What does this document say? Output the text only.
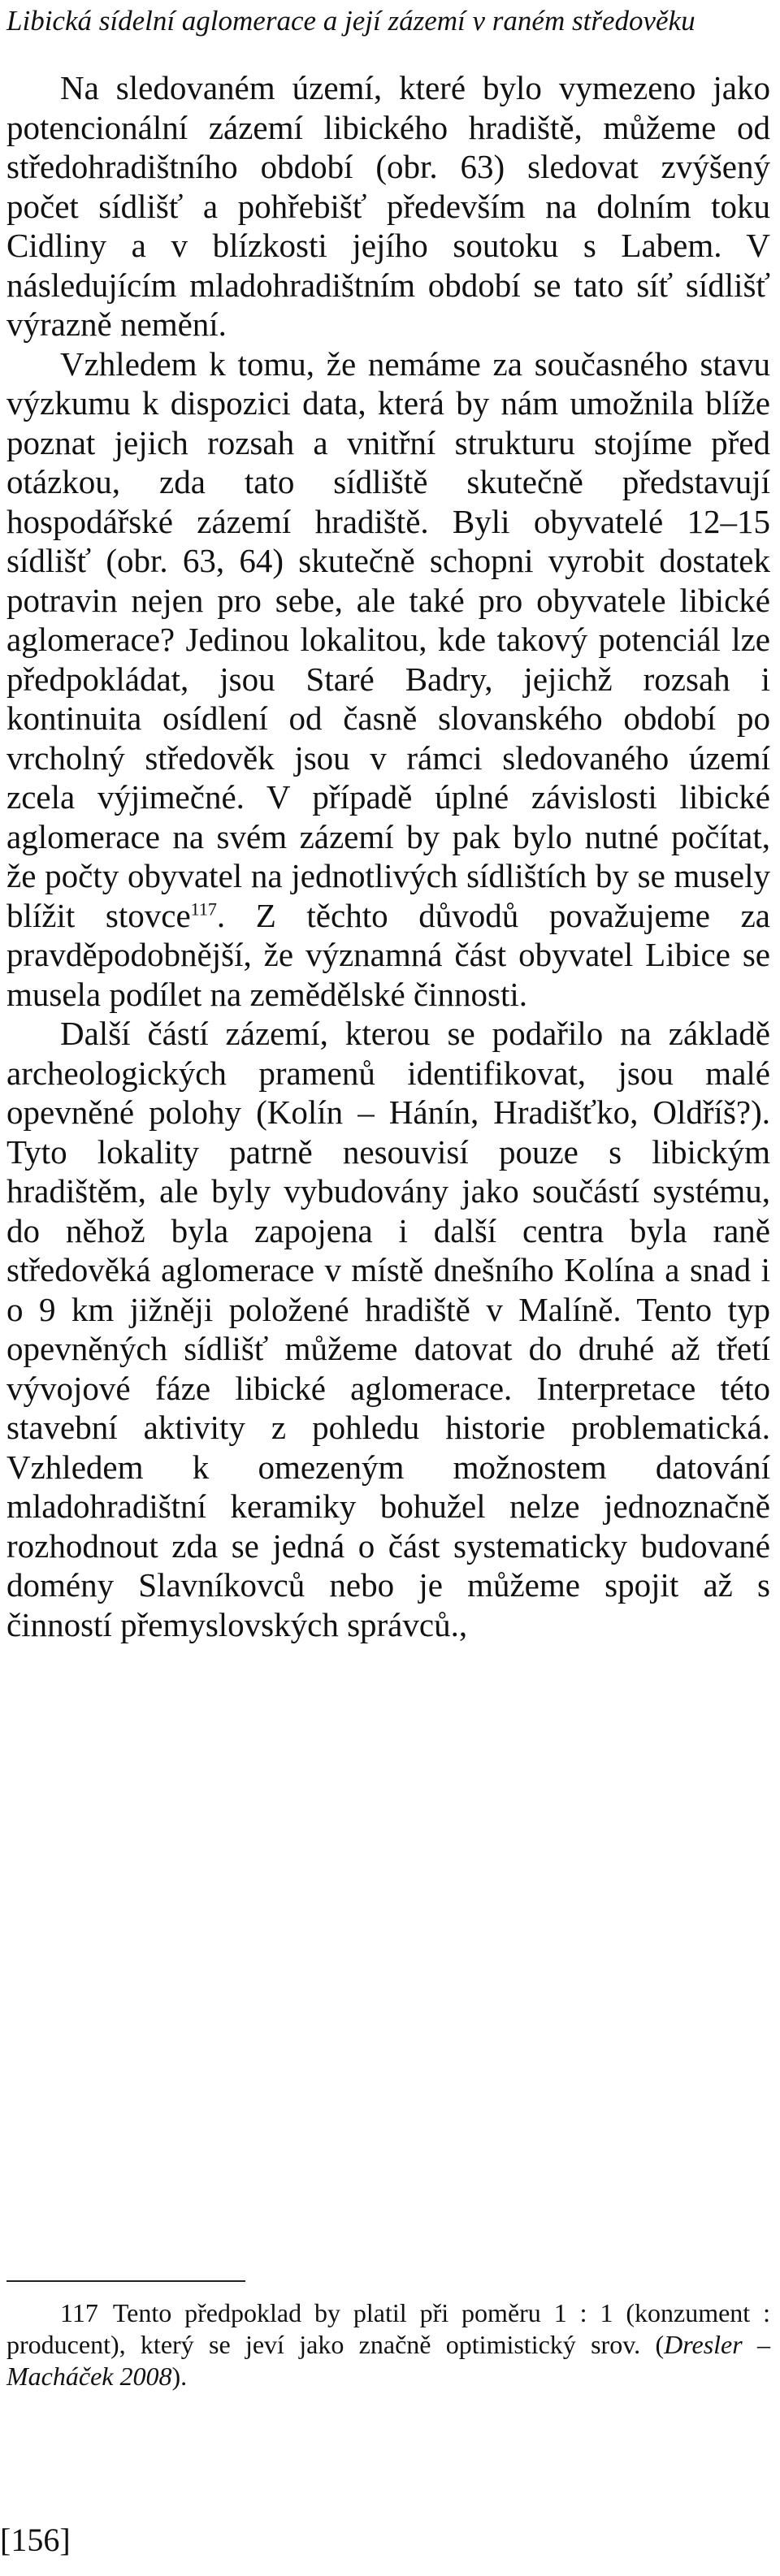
Libická sídelní aglomerace a její zázemí v raném středověku

Na sledovaném území, které bylo vymezeno jako potencionální zázemí libického hradiště, můžeme od středohradištního období (obr. 63) sledovat zvýšený počet sídlišť a pohřebišť především na dolním toku Cidliny a v blízkosti jejího soutoku s Labem. V následujícím mladohradištním období se tato síť sídlišť výrazně nemění.

Vzhledem k tomu, že nemáme za současného stavu výzkumu k dispozici data, která by nám umožnila blíže poznat jejich rozsah a vnitřní strukturu stojíme před otázkou, zda tato sídliště skutečně představují hospodářské zázemí hradiště. Byli obyvatelé 12–15 sídlišť (obr. 63, 64) skutečně schopni vyrobit dostatek potravin nejen pro sebe, ale také pro obyvatele libické aglomerace? Jedinou lokalitou, kde takový potenciál lze předpokládat, jsou Staré Badry, jejichž rozsah i kontinuita osídlení od časně slovanského období po vrcholný středověk jsou v rámci sledovaného území zcela výjimečné. V případě úplné závislosti libické aglomerace na svém zázemí by pak bylo nutné počítat, že počty obyvatel na jednotlivých sídlištích by se musely blížit stovce$^{117}$. Z těchto důvodů považujeme za pravděpodobnější, že významná část obyvatel Libice se musela podílet na zemědělské činnosti.

Další částí zázemí, kterou se podařilo na základě archeologických pramenů identifikovat, jsou malé opevněné polohy (Kolín – Hánín, Hradišťko, Oldříš?). Tyto lokality patrně nesouvisí pouze s libickým hradištěm, ale byly vybudovány jako součástí systému, do něhož byla zapojena i další centra byla raně středověká aglomerace v místě dnešního Kolína a snad i o 9 km jižněji položené hradiště v Malíně. Tento typ opevněných sídlišť můžeme datovat do druhé až třetí vývojové fáze libické aglomerace. Interpretace této stavební aktivity z pohledu historie problematická. Vzhledem k omezeným možnostem datování mladohradištní keramiky bohužel nelze jednoznačně rozhodnout zda se jedná o část systematicky budované domény Slavníkovců nebo je můžeme spojit až s činností přemyslovských správců.,

117 Tento předpoklad by platil při poměru 1 : 1 (konzument : producent), který se jeví jako značně optimistický srov. (Dresler – Macháček 2008).

[156]
